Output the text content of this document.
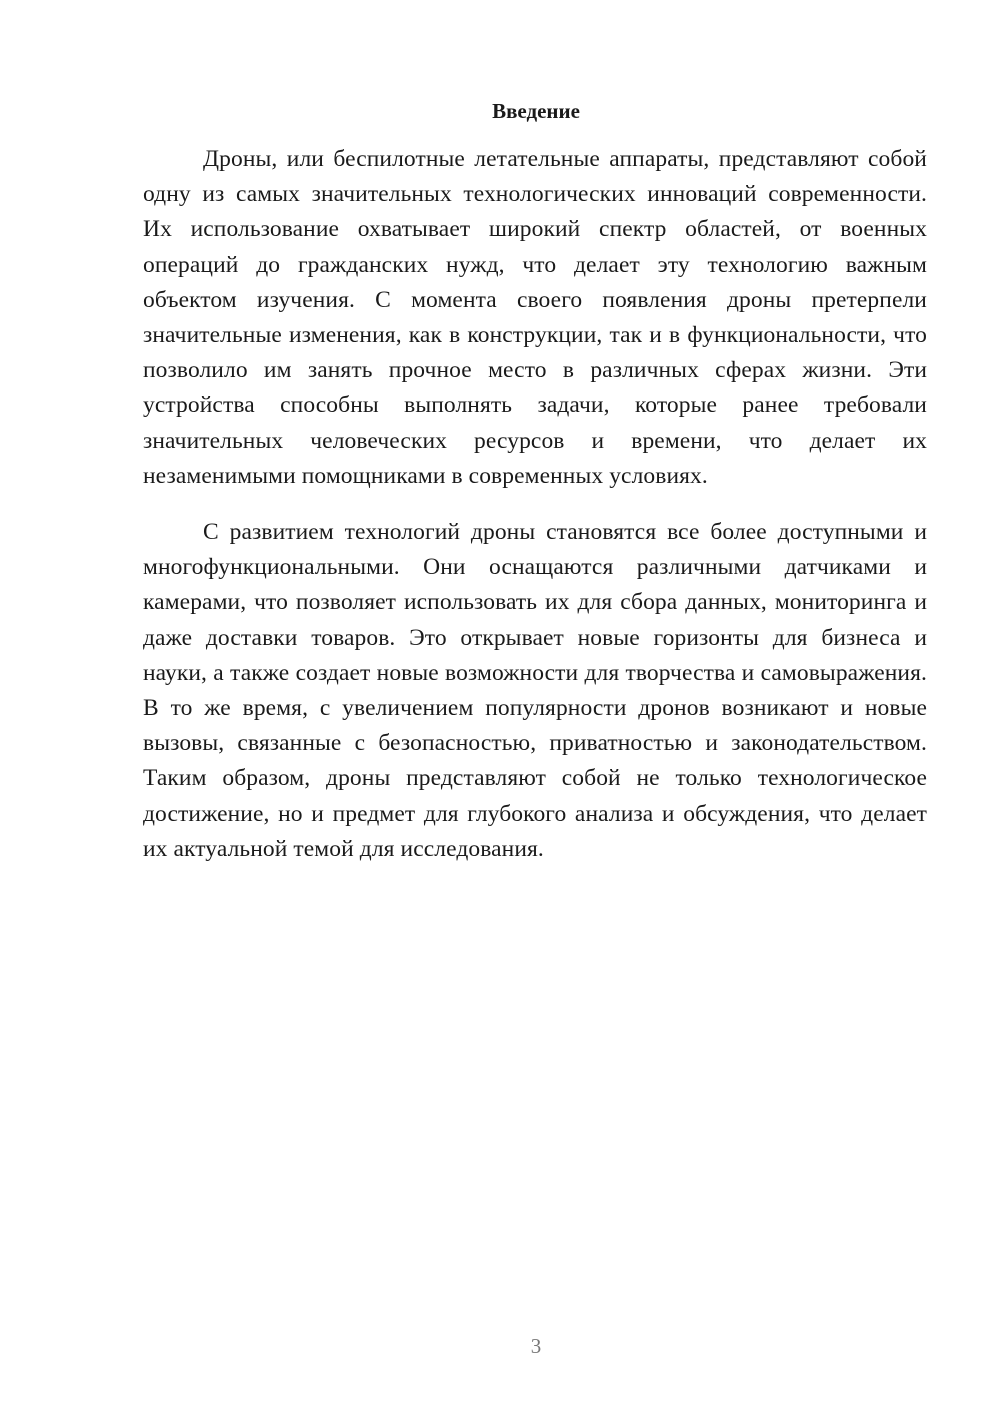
Введение

Дроны, или беспилотные летательные аппараты, представляют собой одну из самых значительных технологических инноваций современности. Их использование охватывает широкий спектр областей, от военных операций до гражданских нужд, что делает эту технологию важным объектом изучения. С момента своего появления дроны претерпели значительные изменения, как в конструкции, так и в функциональности, что позволило им занять прочное место в различных сферах жизни. Эти устройства способны выполнять задачи, которые ранее требовали значительных человеческих ресурсов и времени, что делает их незаменимыми помощниками в современных условиях.

С развитием технологий дроны становятся все более доступными и многофункциональными. Они оснащаются различными датчиками и камерами, что позволяет использовать их для сбора данных, мониторинга и даже доставки товаров. Это открывает новые горизонты для бизнеса и науки, а также создает новые возможности для творчества и самовыражения. В то же время, с увеличением популярности дронов возникают и новые вызовы, связанные с безопасностью, приватностью и законодательством. Таким образом, дроны представляют собой не только технологическое достижение, но и предмет для глубокого анализа и обсуждения, что делает их актуальной темой для исследования.

3
